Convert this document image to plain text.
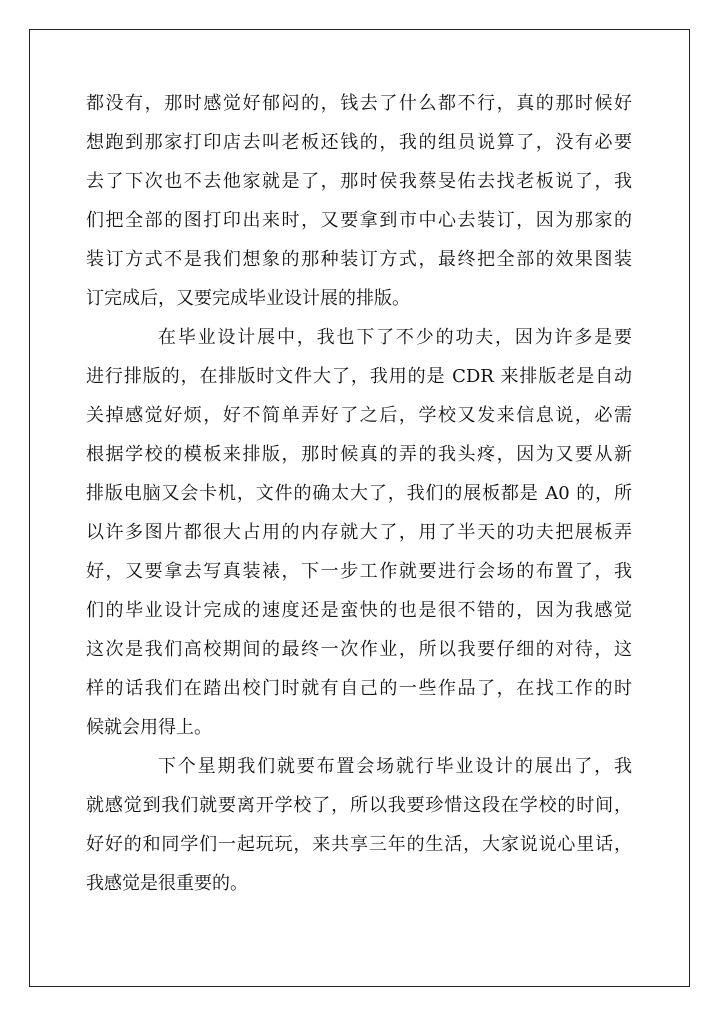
都没有，那时感觉好郁闷的，钱去了什么都不行，真的那时候好
想跑到那家打印店去叫老板还钱的，我的组员说算了，没有必要
去了下次也不去他家就是了，那时侯我蔡旻佑去找老板说了，我
们把全部的图打印出来时，又要拿到市中心去装订，因为那家的
装订方式不是我们想象的那种装订方式，最终把全部的效果图装
订完成后，又要完成毕业设计展的排版。
在毕业设计展中，我也下了不少的功夫，因为许多是要
进行排版的，在排版时文件大了，我用的是 CDR 来排版老是自动
关掉感觉好烦，好不简单弄好了之后，学校又发来信息说，必需
根据学校的模板来排版，那时候真的弄的我头疼，因为又要从新
排版电脑又会卡机，文件的确太大了，我们的展板都是 A0 的，所
以许多图片都很大占用的内存就大了，用了半天的功夫把展板弄
好，又要拿去写真装裱，下一步工作就要进行会场的布置了，我
们的毕业设计完成的速度还是蛮快的也是很不错的，因为我感觉
这次是我们高校期间的最终一次作业，所以我要仔细的对待，这
样的话我们在踏出校门时就有自己的一些作品了，在找工作的时
候就会用得上。
下个星期我们就要布置会场就行毕业设计的展出了，我
就感觉到我们就要离开学校了，所以我要珍惜这段在学校的时间，
好好的和同学们一起玩玩，来共享三年的生活，大家说说心里话，
我感觉是很重要的。
